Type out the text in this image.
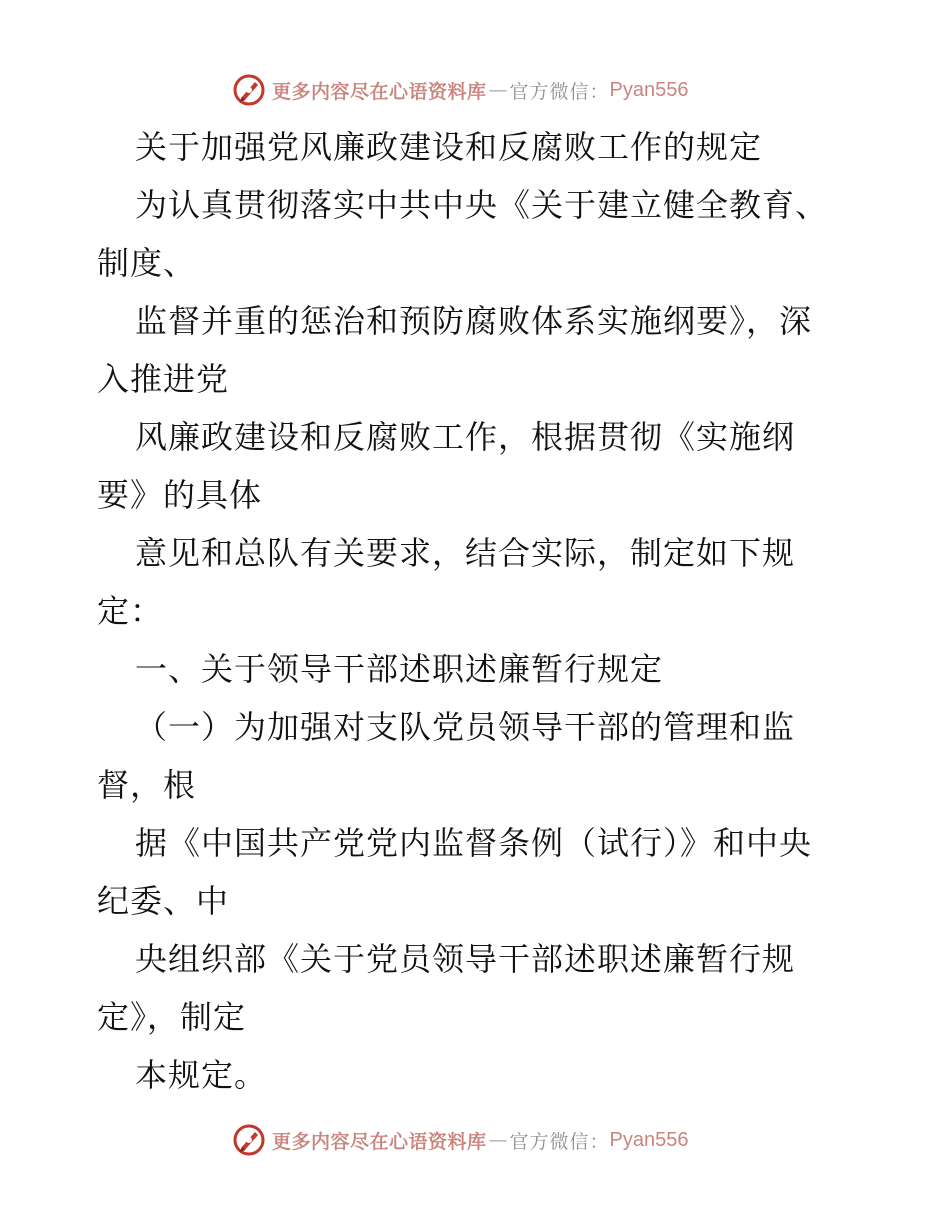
更多内容尽在心语资料库 — 官方微信： Pyan556

关于加强党风廉政建设和反腐败工作的规定

为认真贯彻落实中共中央《关于建立健全教育、

制度、

监督并重的惩治和预防腐败体系实施纲要》，深

入推进党

风廉政建设和反腐败工作，根据贯彻《实施纲

要》的具体

意见和总队有关要求，结合实际，制定如下规

定：

一、关于领导干部述职述廉暂行规定

（一）为加强对支队党员领导干部的管理和监

督，根

据《中国共产党党内监督条例（试行）》和中央

纪委、中

央组织部《关于党员领导干部述职述廉暂行规

定》，制定

本规定。

更多内容尽在心语资料库 — 官方微信： Pyan556
